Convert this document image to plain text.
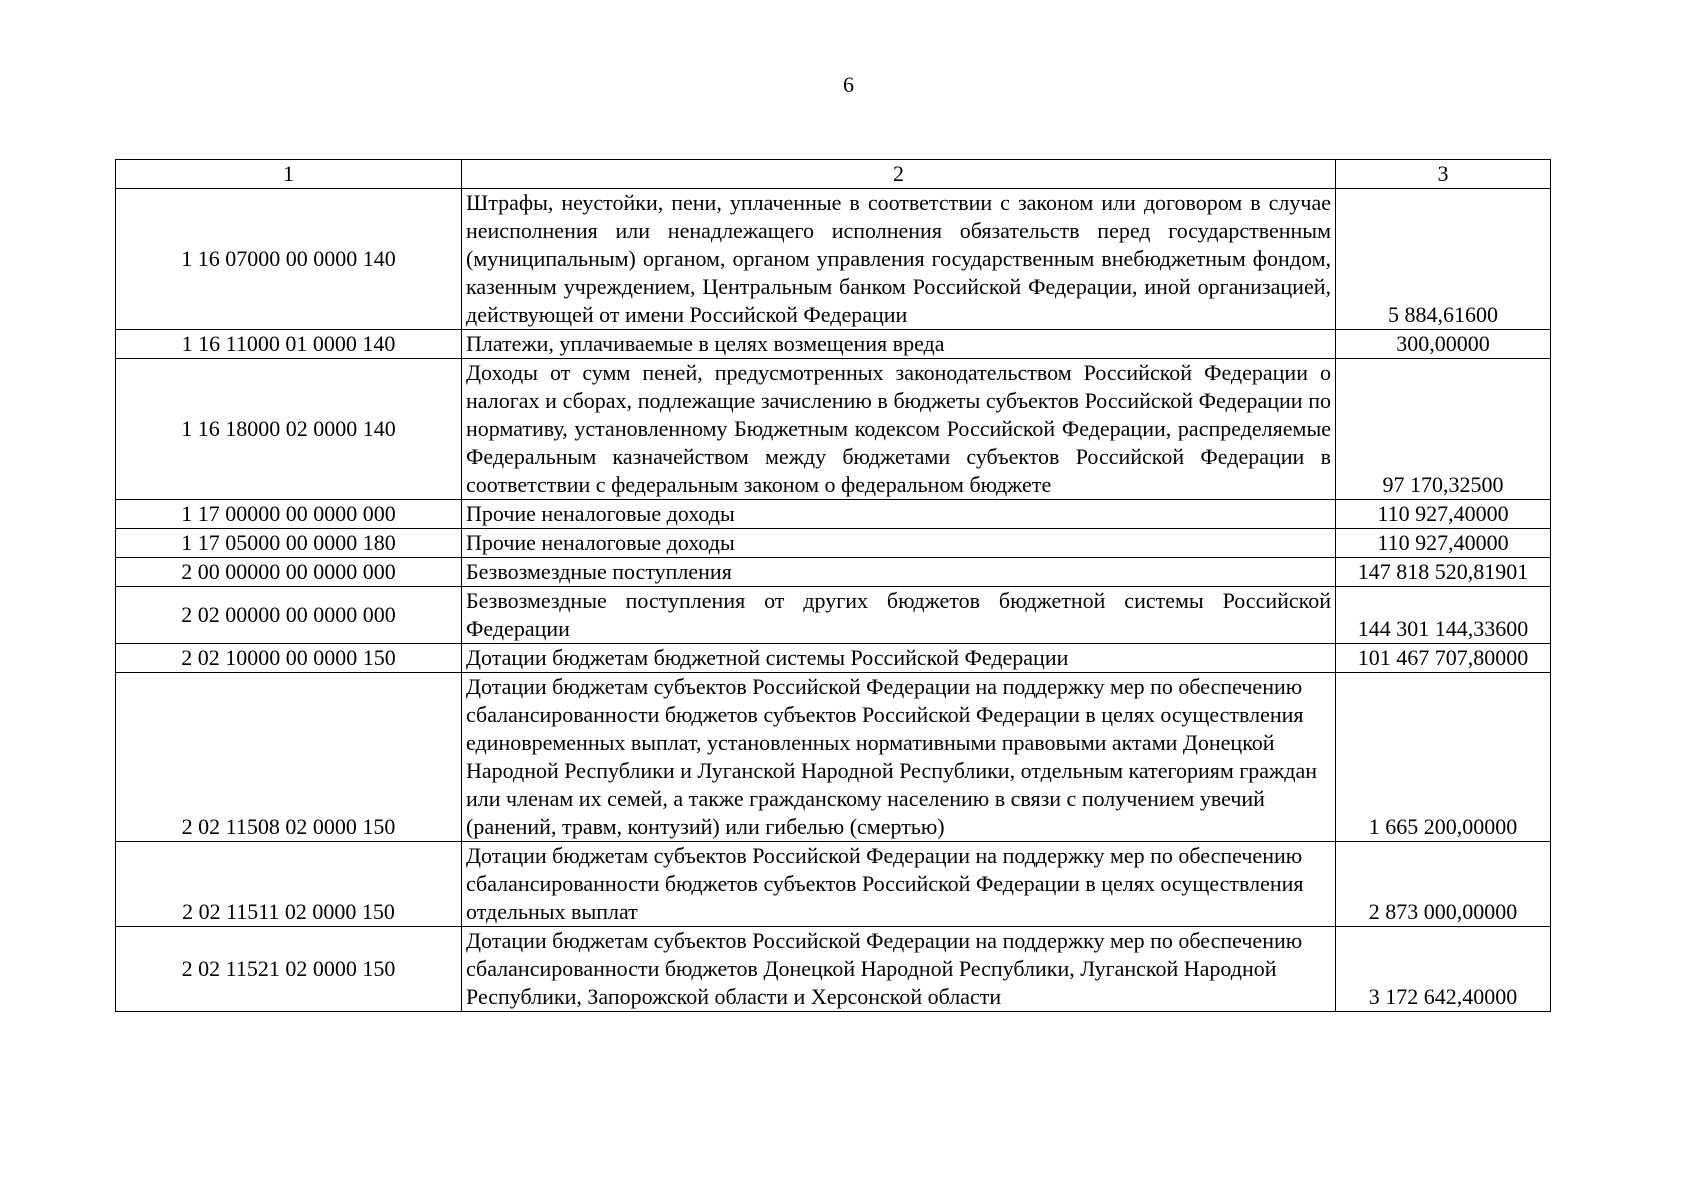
6
1	2	3
1 16 07000 00 0000 140	Штрафы, неустойки, пени, уплаченные в соответствии с законом или договором в случае неисполнения или ненадлежащего исполнения обязательств перед государственным (муниципальным) органом, органом управления государственным внебюджетным фондом, казенным учреждением, Центральным банком Российской Федерации, иной организацией, действующей от имени Российской Федерации	5 884,61600
1 16 11000 01 0000 140	Платежи, уплачиваемые в целях возмещения вреда	300,00000
1 16 18000 02 0000 140	Доходы от сумм пеней, предусмотренных законодательством Российской Федерации о налогах и сборах, подлежащие зачислению в бюджеты субъектов Российской Федерации по нормативу, установленному Бюджетным кодексом Российской Федерации, распределяемые Федеральным казначейством между бюджетами субъектов Российской Федерации в соответствии с федеральным законом о федеральном бюджете	97 170,32500
1 17 00000 00 0000 000	Прочие неналоговые доходы	110 927,40000
1 17 05000 00 0000 180	Прочие неналоговые доходы	110 927,40000
2 00 00000 00 0000 000	Безвозмездные поступления	147 818 520,81901
2 02 00000 00 0000 000	Безвозмездные поступления от других бюджетов бюджетной системы Российской Федерации	144 301 144,33600
2 02 10000 00 0000 150	Дотации бюджетам бюджетной системы Российской Федерации	101 467 707,80000
2 02 11508 02 0000 150	Дотации бюджетам субъектов Российской Федерации на поддержку мер по обеспечению сбалансированности бюджетов субъектов Российской Федерации в целях осуществления единовременных выплат, установленных нормативными правовыми актами Донецкой Народной Республики и Луганской Народной Республики, отдельным категориям граждан или членам их семей, а также гражданскому населению в связи с получением увечий (ранений, травм, контузий) или гибелью (смертью)	1 665 200,00000
2 02 11511 02 0000 150	Дотации бюджетам субъектов Российской Федерации на поддержку мер по обеспечению сбалансированности бюджетов субъектов Российской Федерации в целях осуществления отдельных выплат	2 873 000,00000
2 02 11521 02 0000 150	Дотации бюджетам субъектов Российской Федерации на поддержку мер по обеспечению сбалансированности бюджетов Донецкой Народной Республики, Луганской Народной Республики, Запорожской области и Херсонской области	3 172 642,40000
